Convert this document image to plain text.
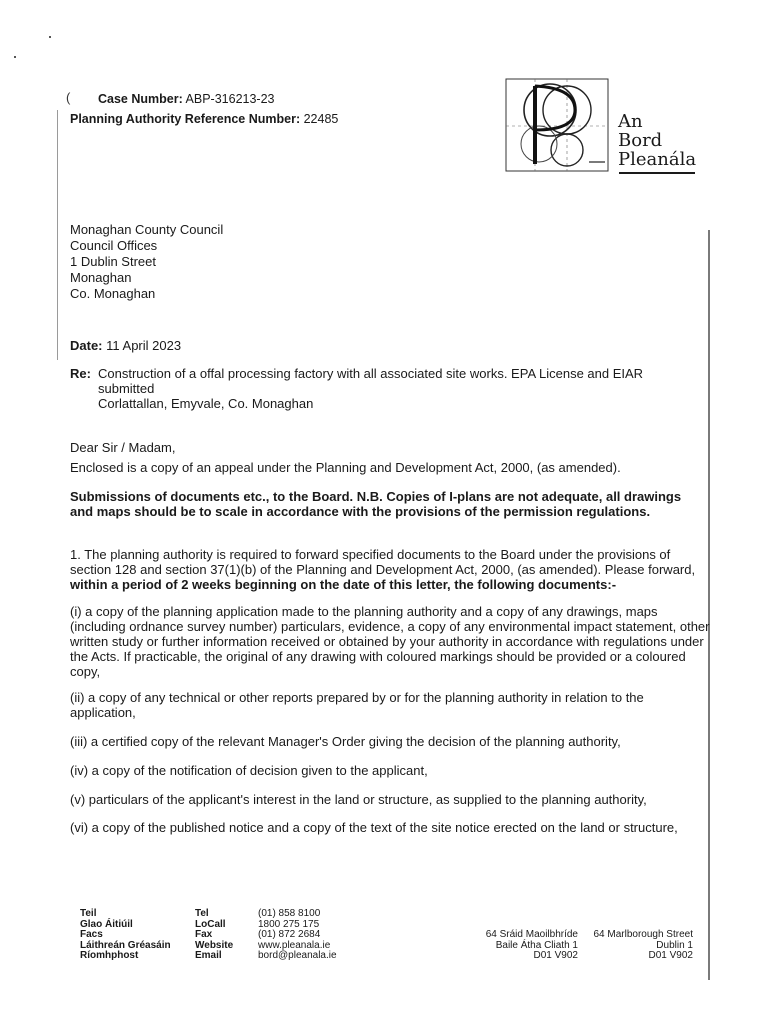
(	Case Number: ABP-316213-23
Planning Authority Reference Number: 22485	An
Bord
Pleanála
Monaghan County Council
Council Offices
1 Dublin Street
Monaghan
Co. Monaghan
Date: 11 April 2023
Re: Construction of a offal processing factory with all associated site works. EPA License and EIAR submitted
Corlattallan, Emyvale, Co. Monaghan
Dear Sir / Madam,
Enclosed is a copy of an appeal under the Planning and Development Act, 2000, (as amended).
Submissions of documents etc., to the Board. N.B. Copies of I-plans are not adequate, all drawings and maps should be to scale in accordance with the provisions of the permission regulations.
1. The planning authority is required to forward specified documents to the Board under the provisions of section 128 and section 37(1)(b) of the Planning and Development Act, 2000, (as amended). Please forward, within a period of 2 weeks beginning on the date of this letter, the following documents:-
(i) a copy of the planning application made to the planning authority and a copy of any drawings, maps (including ordnance survey number) particulars, evidence, a copy of any environmental impact statement, other written study or further information received or obtained by your authority in accordance with regulations under the Acts. If practicable, the original of any drawing with coloured markings should be provided or a coloured copy,
(ii) a copy of any technical or other reports prepared by or for the planning authority in relation to the application,
(iii) a certified copy of the relevant Manager's Order giving the decision of the planning authority,
(iv) a copy of the notification of decision given to the applicant,
(v) particulars of the applicant's interest in the land or structure, as supplied to the planning authority,
(vi) a copy of the published notice and a copy of the text of the site notice erected on the land or structure,
Teil
Glao Áitiúil
Facs
Láithreán Gréasáin
Ríomhphost
Tel
LoCall
Fax
Website
Email
(01) 858 8100
1800 275 175
(01) 872 2684
www.pleanala.ie
bord@pleanala.ie
64 Sráid Maoilbhríde
Baile Átha Cliath 1
D01 V902
64 Marlborough Street
Dublin 1
D01 V902
